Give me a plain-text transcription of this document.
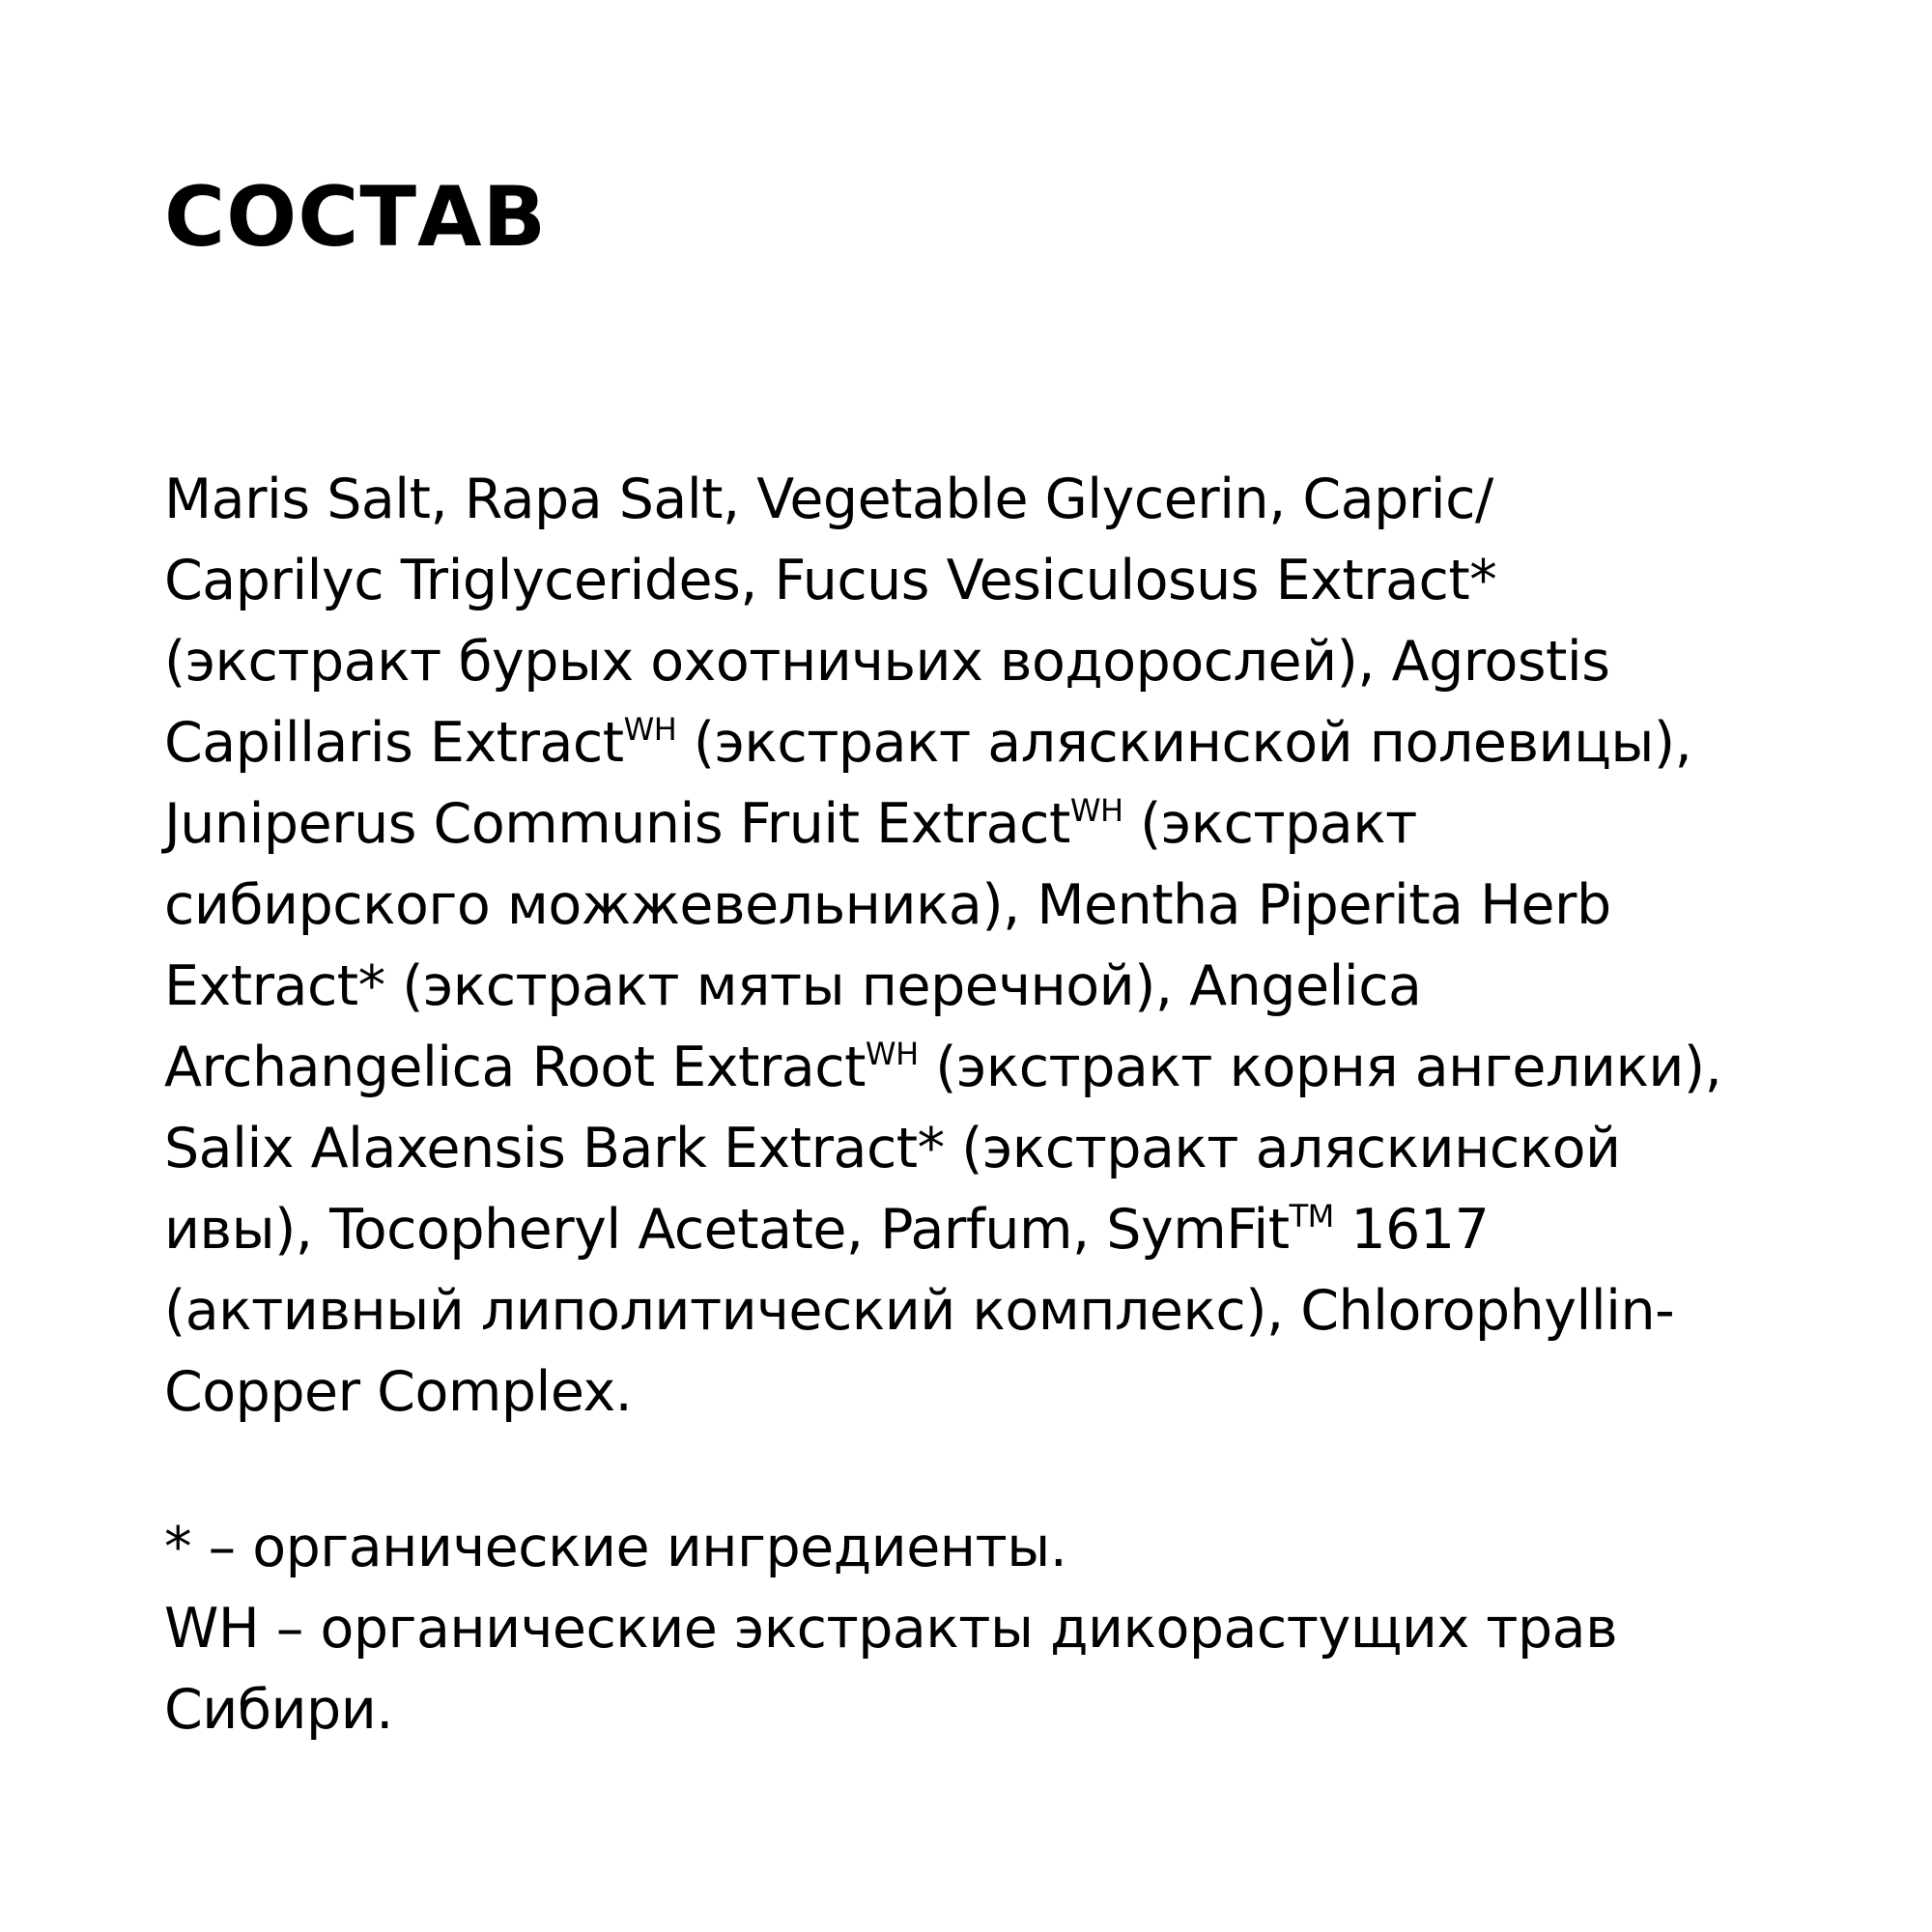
СОСТАВ
Maris Salt, Rapa Salt, Vegetable Glycerin, Capric/
Caprilyc Triglycerides, Fucus Vesiculosus Extract*
(экстракт бурых охотничьих водорослей), Agrostis
Capillaris Extract$^{WH}$ (экстракт аляскинской полевицы),
Juniperus Communis Fruit Extract$^{WH}$ (экстракт
сибирского можжевельника), Mentha Piperita Herb
Extract* (экстракт мяты перечной), Angelica
Archangelica Root Extract$^{WH}$ (экстракт корня ангелики),
Salix Alaxensis Bark Extract* (экстракт аляскинской
ивы), Tocopheryl Acetate, Parfum, SymFit™ 1617
(активный липолитический комплекс), Chlorophyllin-
Copper Complex.
* – органические ингредиенты.
WH – органические экстракты дикорастущих трав
Сибири.
